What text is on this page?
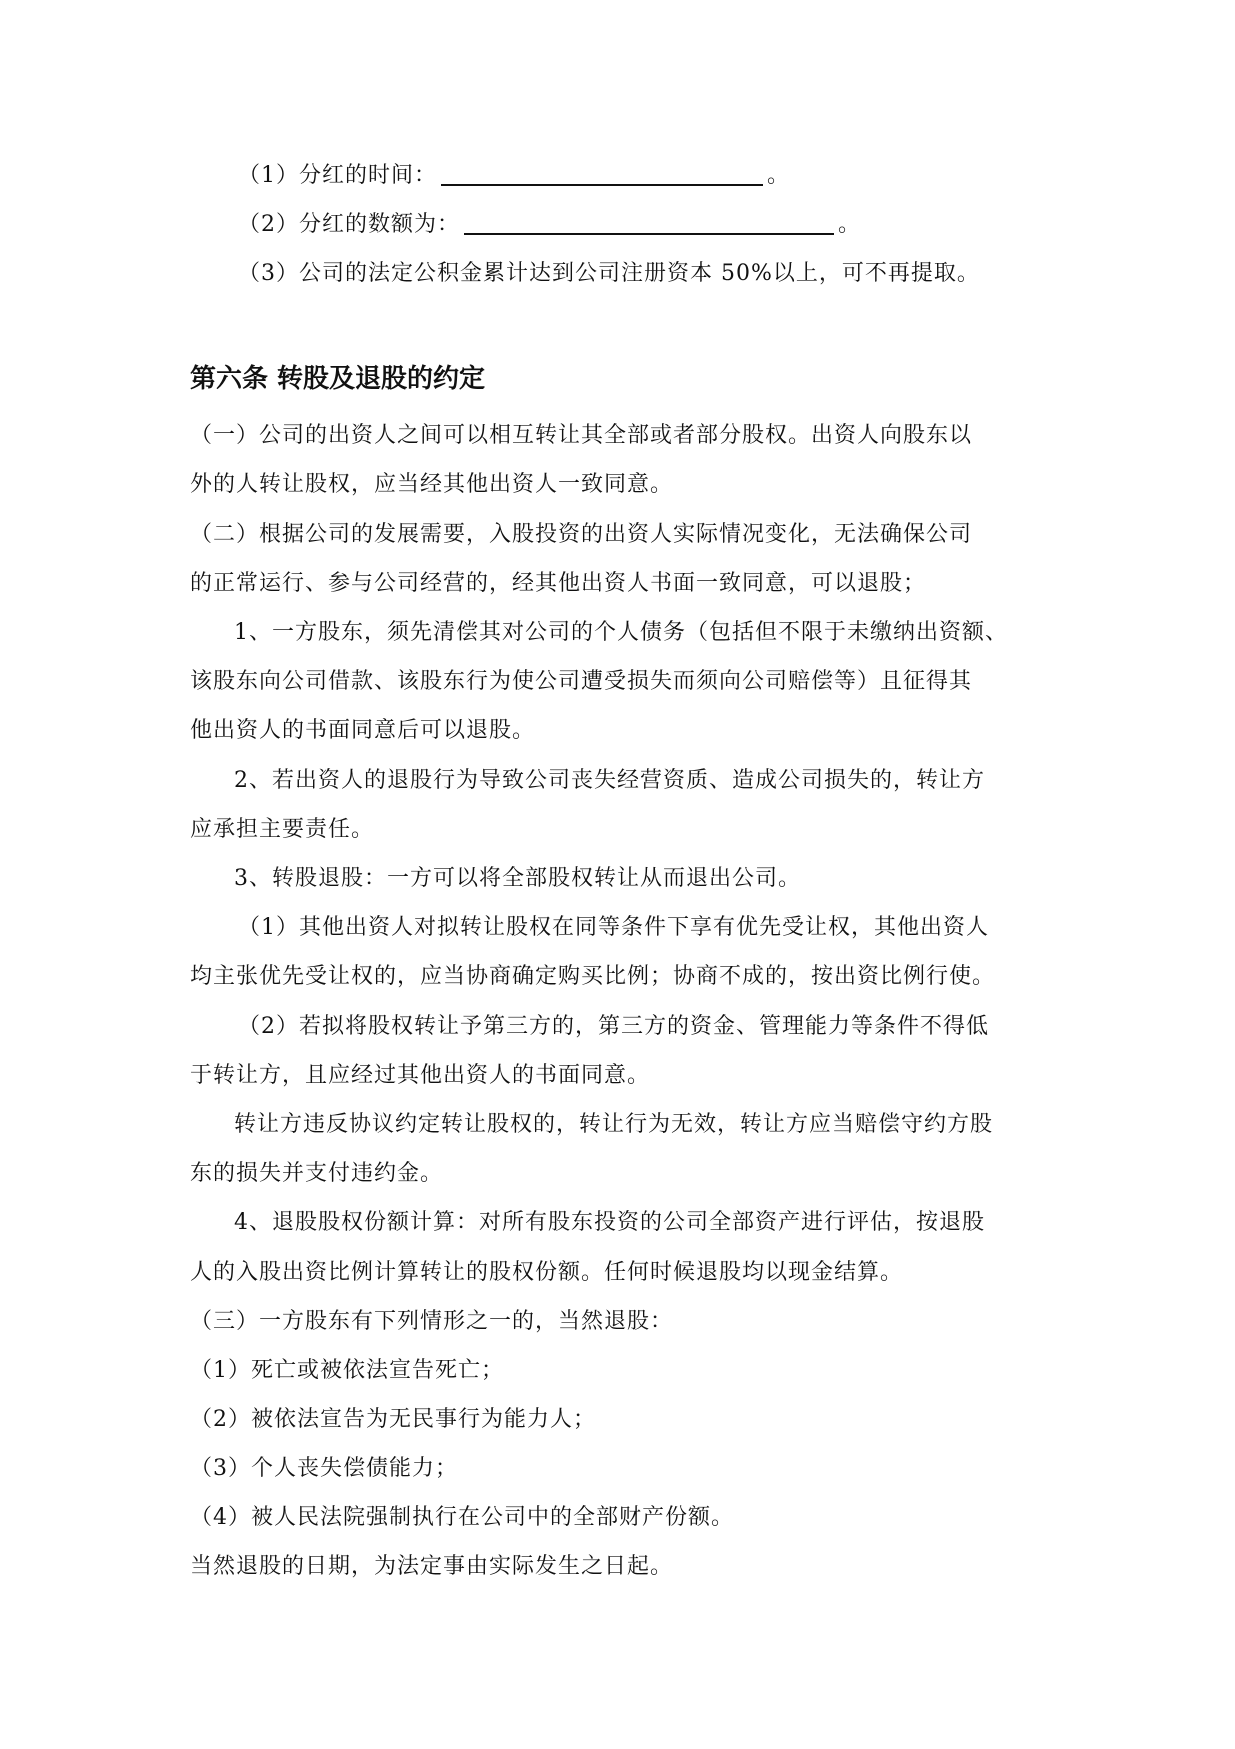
（1）分红的时间：	。
（2）分红的数额为：	。
（3）公司的法定公积金累计达到公司注册资本 50%以上，可不再提取。
第六条 转股及退股的约定
（一）公司的出资人之间可以相互转让其全部或者部分股权。出资人向股东以
外的人转让股权，应当经其他出资人一致同意。
（二）根据公司的发展需要，入股投资的出资人实际情况变化，无法确保公司
的正常运行、参与公司经营的，经其他出资人书面一致同意，可以退股；
1、一方股东，须先清偿其对公司的个人债务（包括但不限于未缴纳出资额、
该股东向公司借款、该股东行为使公司遭受损失而须向公司赔偿等）且征得其
他出资人的书面同意后可以退股。
2、若出资人的退股行为导致公司丧失经营资质、造成公司损失的，转让方
应承担主要责任。
3、转股退股：一方可以将全部股权转让从而退出公司。
（1）其他出资人对拟转让股权在同等条件下享有优先受让权，其他出资人
均主张优先受让权的，应当协商确定购买比例；协商不成的，按出资比例行使。
（2）若拟将股权转让予第三方的，第三方的资金、管理能力等条件不得低
于转让方，且应经过其他出资人的书面同意。
转让方违反协议约定转让股权的，转让行为无效，转让方应当赔偿守约方股
东的损失并支付违约金。
4、退股股权份额计算：对所有股东投资的公司全部资产进行评估，按退股
人的入股出资比例计算转让的股权份额。任何时候退股均以现金结算。
（三）一方股东有下列情形之一的，当然退股：
（1）死亡或被依法宣告死亡；
（2）被依法宣告为无民事行为能力人；
（3）个人丧失偿债能力；
（4）被人民法院强制执行在公司中的全部财产份额。
当然退股的日期，为法定事由实际发生之日起。
